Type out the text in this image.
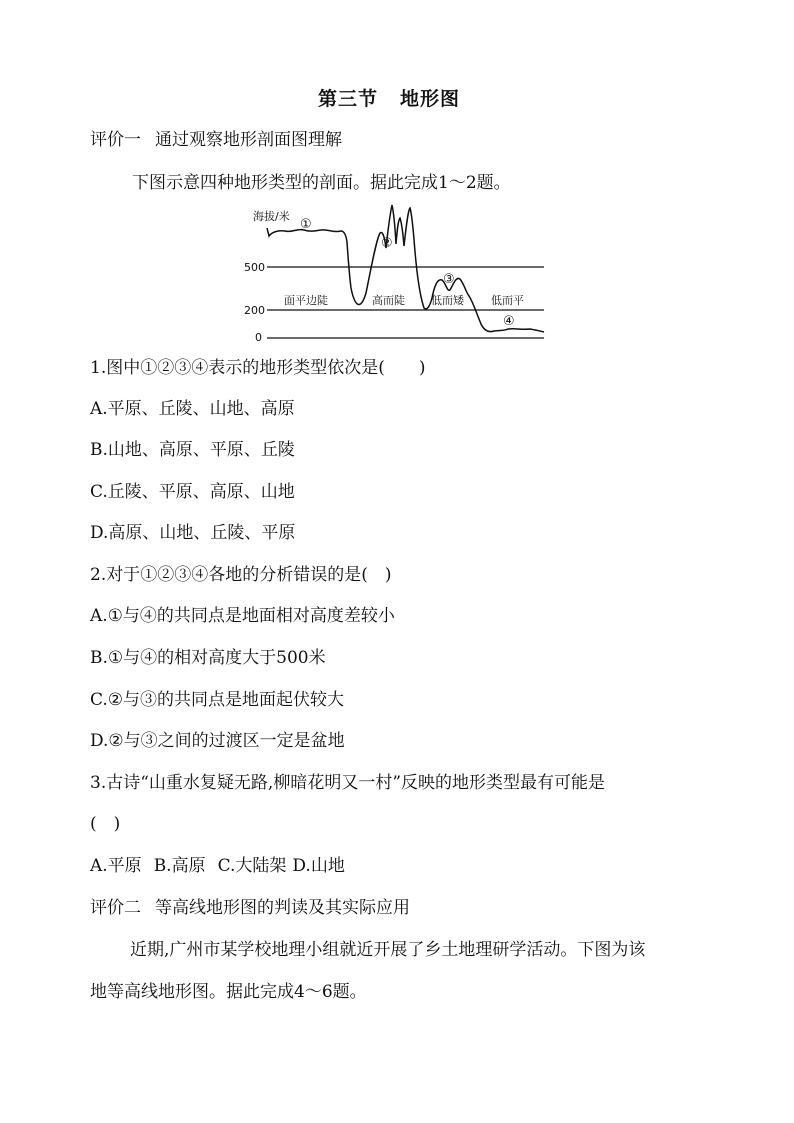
第三节 地形图
评价一 通过观察地形剖面图理解
下图示意四种地形类型的剖面。据此完成1～2题。
海拔/米
500
200
0
①
②
③
④
面平边陡	高而陡 低而矮 低而平
1.图中①②③④表示的地形类型依次是(　　)
A.平原、丘陵、山地、高原
B.山地、高原、平原、丘陵
C.丘陵、平原、高原、山地
D.高原、山地、丘陵、平原
2.对于①②③④各地的分析错误的是(　)
A.①与④的共同点是地面相对高度差较小
B.①与④的相对高度大于500米
C.②与③的共同点是地面起伏较大
D.②与③之间的过渡区一定是盆地
3.古诗“山重水复疑无路,柳暗花明又一村”反映的地形类型最有可能是
(　)
A.平原 B.高原 C.大陆架 D.山地
评价二 等高线地形图的判读及其实际应用
近期,广州市某学校地理小组就近开展了乡土地理研学活动。下图为该
地等高线地形图。据此完成4～6题。
